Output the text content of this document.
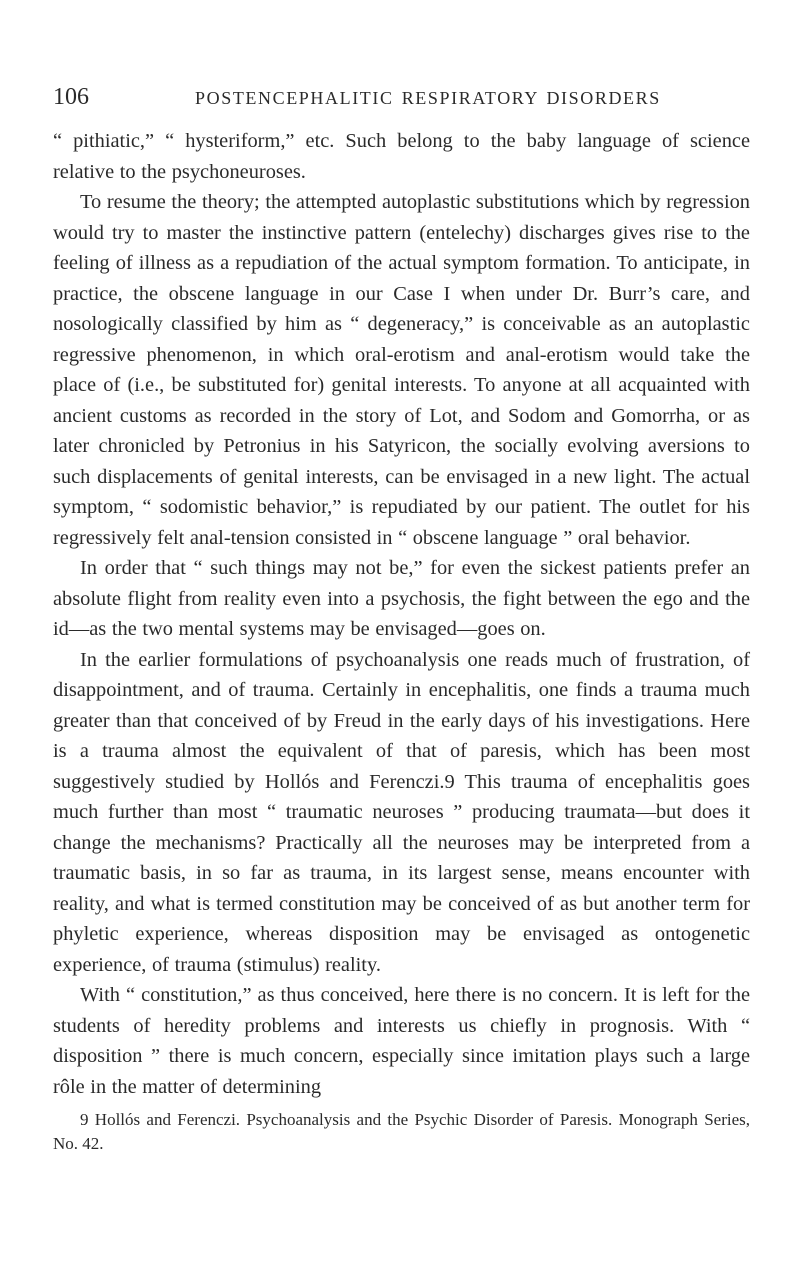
106	POSTENCEPHALITIC RESPIRATORY DISORDERS

“ pithiatic,” “ hysteriform,” etc. Such belong to the baby language of science relative to the psychoneuroses.

To resume the theory; the attempted autoplastic substitutions which by regression would try to master the instinctive pattern (entelechy) discharges gives rise to the feeling of illness as a repudiation of the actual symptom formation. To anticipate, in practice, the obscene language in our Case I when under Dr. Burr’s care, and nosologically classified by him as “ degeneracy,” is conceivable as an autoplastic regressive phenomenon, in which oral-erotism and anal-erotism would take the place of (i.e., be substituted for) genital interests. To anyone at all acquainted with ancient customs as recorded in the story of Lot, and Sodom and Gomorrha, or as later chronicled by Petronius in his Satyricon, the socially evolving aversions to such displacements of genital interests, can be envisaged in a new light. The actual symptom, “ sodomistic behavior,” is repudiated by our patient. The outlet for his regressively felt anal-tension consisted in “ obscene language ” oral behavior.

In order that “ such things may not be,” for even the sickest patients prefer an absolute flight from reality even into a psychosis, the fight between the ego and the id—as the two mental systems may be envisaged—goes on.

In the earlier formulations of psychoanalysis one reads much of frustration, of disappointment, and of trauma. Certainly in encephalitis, one finds a trauma much greater than that conceived of by Freud in the early days of his investigations. Here is a trauma almost the equivalent of that of paresis, which has been most suggestively studied by Hollós and Ferenczi.9 This trauma of encephalitis goes much further than most “ traumatic neuroses ” producing traumata—but does it change the mechanisms? Practically all the neuroses may be interpreted from a traumatic basis, in so far as trauma, in its largest sense, means encounter with reality, and what is termed constitution may be conceived of as but another term for phyletic experience, whereas disposition may be envisaged as ontogenetic experience, of trauma (stimulus) reality.

With “ constitution,” as thus conceived, here there is no concern. It is left for the students of heredity problems and interests us chiefly in prognosis. With “ disposition ” there is much concern, especially since imitation plays such a large rôle in the matter of determining

9 Hollós and Ferenczi. Psychoanalysis and the Psychic Disorder of Paresis. Monograph Series, No. 42.
